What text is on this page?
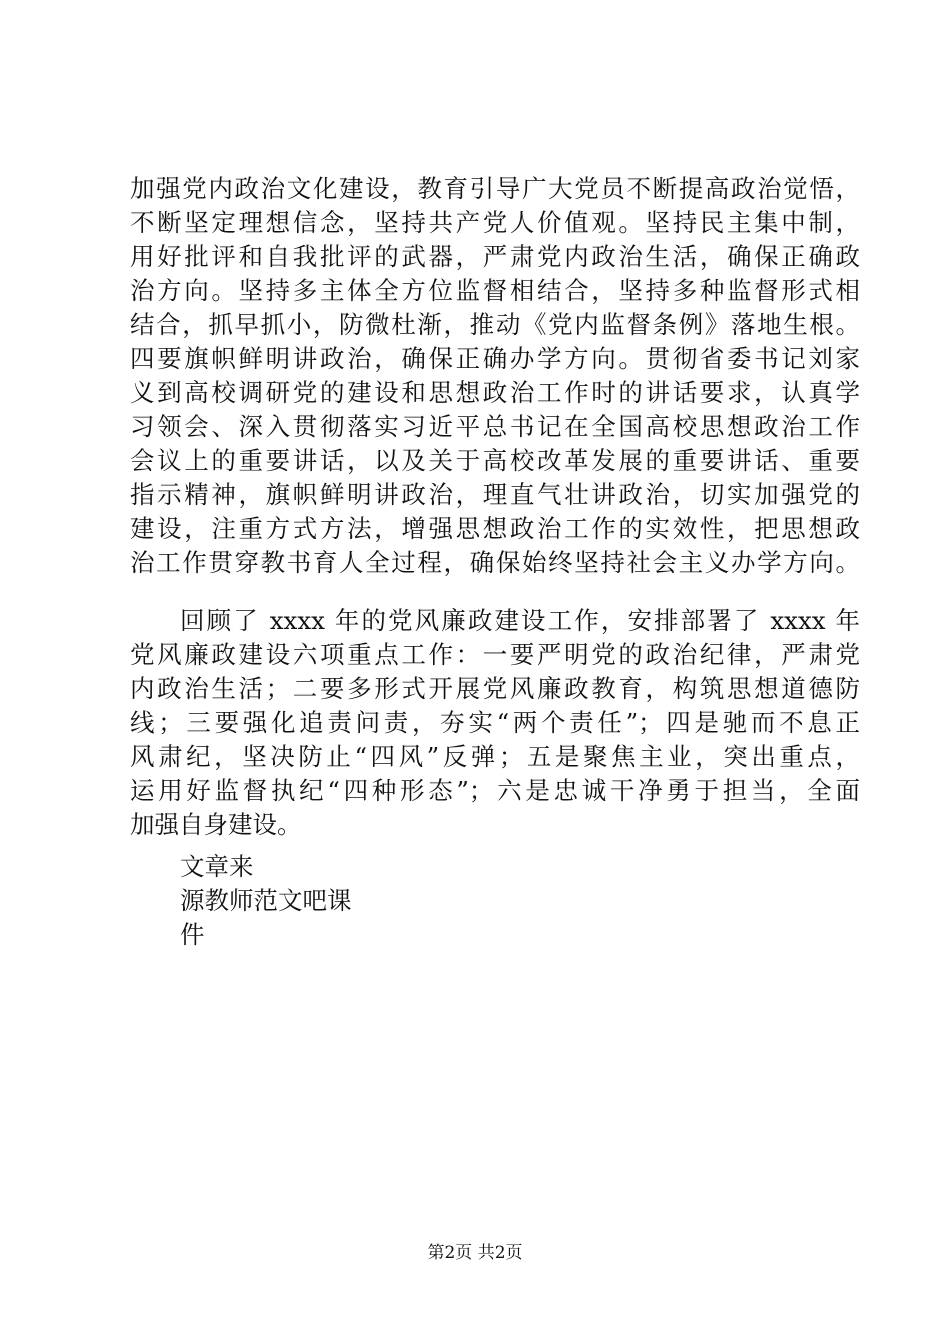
加强党内政治文化建设，教育引导广大党员不断提高政治觉悟，
不断坚定理想信念，坚持共产党人价值观。坚持民主集中制，
用好批评和自我批评的武器，严肃党内政治生活，确保正确政
治方向。坚持多主体全方位监督相结合，坚持多种监督形式相
结合，抓早抓小，防微杜渐，推动《党内监督条例》落地生根。
四要旗帜鲜明讲政治，确保正确办学方向。贯彻省委书记刘家
义到高校调研党的建设和思想政治工作时的讲话要求，认真学
习领会、深入贯彻落实习近平总书记在全国高校思想政治工作
会议上的重要讲话，以及关于高校改革发展的重要讲话、重要
指示精神，旗帜鲜明讲政治，理直气壮讲政治，切实加强党的
建设，注重方式方法，增强思想政治工作的实效性，把思想政
治工作贯穿教书育人全过程，确保始终坚持社会主义办学方向。
回顾了 xxxx 年的党风廉政建设工作，安排部署了 xxxx 年
党风廉政建设六项重点工作：一要严明党的政治纪律，严肃党
内政治生活；二要多形式开展党风廉政教育，构筑思想道德防
线；三要强化追责问责，夯实“两个责任”；四是驰而不息正
风肃纪，坚决防止“四风”反弹；五是聚焦主业，突出重点，
运用好监督执纪“四种形态”；六是忠诚干净勇于担当，全面
加强自身建设。
文章来
源教师范文吧课
件
第2页 共2页
